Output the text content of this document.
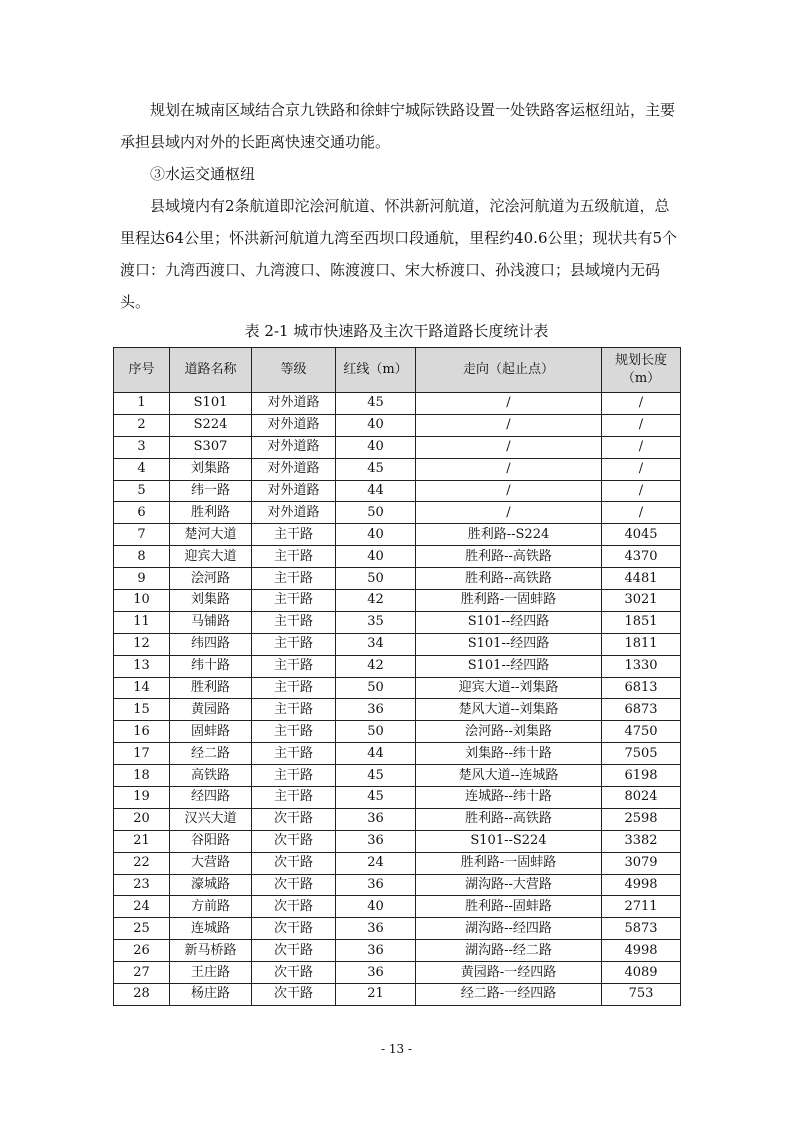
规划在城南区域结合京九铁路和徐蚌宁城际铁路设置一处铁路客运枢纽站，主要承担县域内对外的长距离快速交通功能。

③水运交通枢纽

县域境内有2条航道即沱浍河航道、怀洪新河航道，沱浍河航道为五级航道，总里程达64公里；怀洪新河航道九湾至西坝口段通航，里程约40.6公里；现状共有5个渡口：九湾西渡口、九湾渡口、陈渡渡口、宋大桥渡口、孙浅渡口；县域境内无码头。

表 2-1 城市快速路及主次干路道路长度统计表
序号	道路名称	等级	红线（m）	走向（起止点）	规划长度（m）
1	S101	对外道路	45	/	/
2	S224	对外道路	40	/	/
3	S307	对外道路	40	/	/
4	刘集路	对外道路	45	/	/
5	纬一路	对外道路	44	/	/
6	胜利路	对外道路	50	/	/
7	楚河大道	主干路	40	胜利路--S224	4045
8	迎宾大道	主干路	40	胜利路--高铁路	4370
9	浍河路	主干路	50	胜利路--高铁路	4481
10	刘集路	主干路	42	胜利路-一固蚌路	3021
11	马铺路	主干路	35	S101--经四路	1851
12	纬四路	主干路	34	S101--经四路	1811
13	纬十路	主干路	42	S101--经四路	1330
14	胜利路	主干路	50	迎宾大道--刘集路	6813
15	黄园路	主干路	36	楚风大道--刘集路	6873
16	固蚌路	主干路	50	浍河路--刘集路	4750
17	经二路	主干路	44	刘集路--纬十路	7505
18	高铁路	主干路	45	楚风大道--连城路	6198
19	经四路	主干路	45	连城路--纬十路	8024
20	汉兴大道	次干路	36	胜利路--高铁路	2598
21	谷阳路	次干路	36	S101--S224	3382
22	大营路	次干路	24	胜利路-一固蚌路	3079
23	濠城路	次干路	36	湖沟路--大营路	4998
24	方前路	次干路	40	胜利路--固蚌路	2711
25	连城路	次干路	36	湖沟路--经四路	5873
26	新马桥路	次干路	36	湖沟路--经二路	4998
27	王庄路	次干路	36	黄园路-一经四路	4089
28	杨庄路	次干路	21	经二路-一经四路	753
- 13 -
